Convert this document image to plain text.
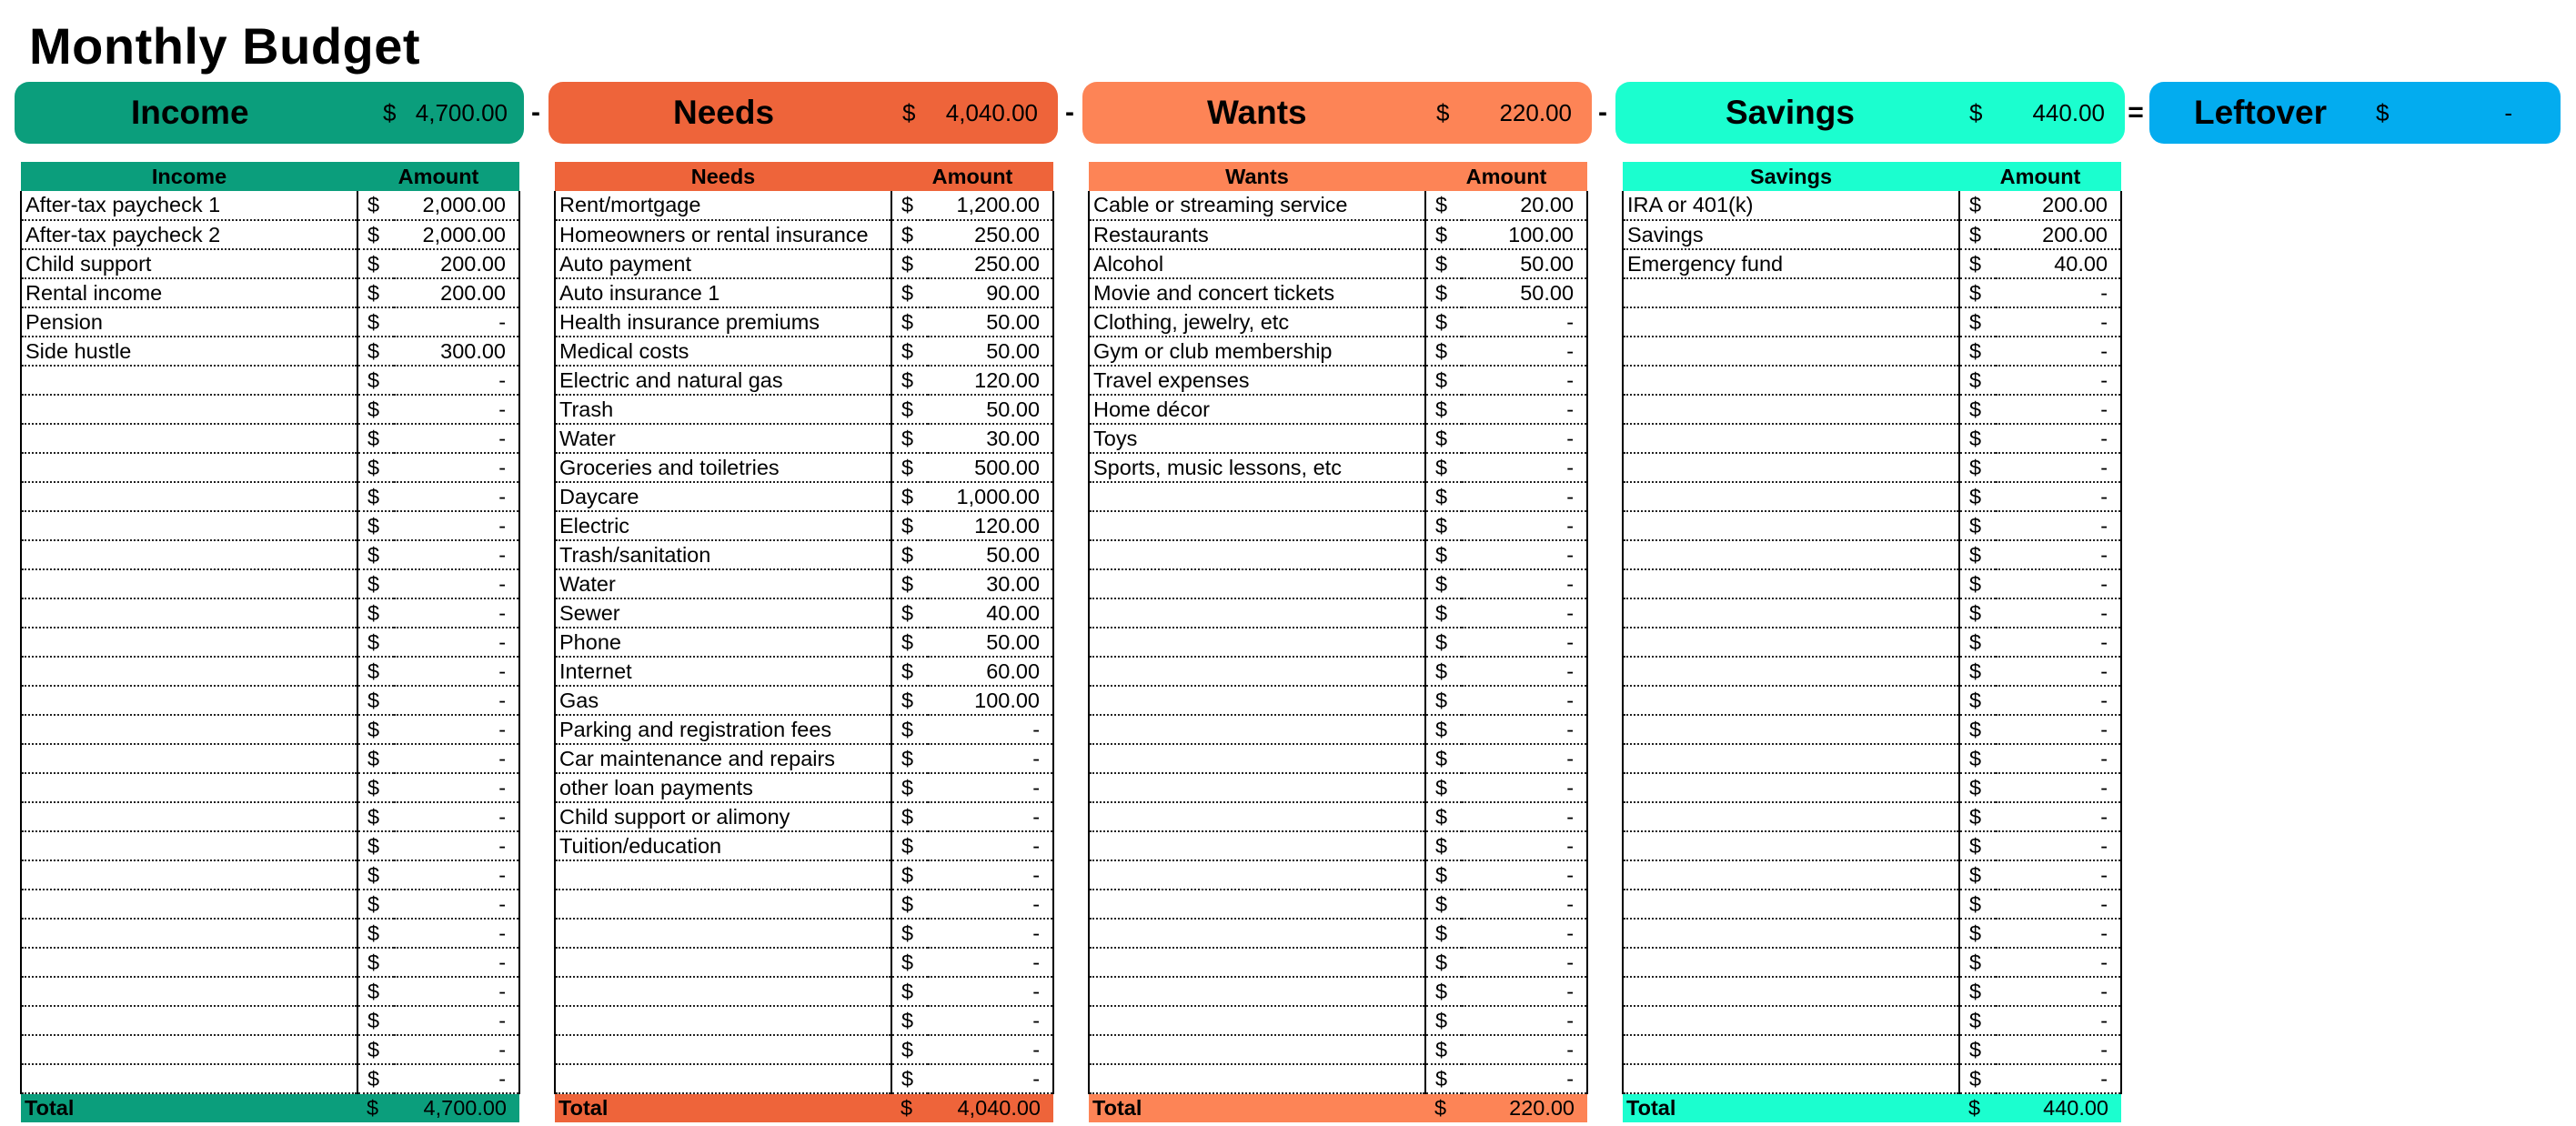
Monthly Budget
Income	$ 4,700.00 -	Needs	$	4,040.00 -	Wants	$	220.00 -	Savings	$	440.00 = Leftover $	-
Income	Amount	
After-tax paycheck 1	$	2,000.00
After-tax paycheck 2	$	2,000.00
Child support	$	200.00
Rental income	$	200.00
Pension	$	-
Side hustle	$	300.00
	$	-
	$	-
	$	-
	$	-
	$	-
	$	-
	$	-
	$	-
	$	-
	$	-
	$	-
	$	-
	$	-
	$	-
	$	-
	$	-
	$	-
	$	-
	$	-
	$	-
	$	-
	$	-
	$	-
	$	-
	$	-
Total	$	4,700.00
Needs	Amount	
Rent/mortgage	$	1,200.00
Homeowners or rental insurance	$	250.00
Auto payment	$	250.00
Auto insurance 1	$	90.00
Health insurance premiums	$	50.00
Medical costs	$	50.00
Electric and natural gas	$	120.00
Trash	$	50.00
Water	$	30.00
Groceries and toiletries	$	500.00
Daycare	$	1,000.00
Electric	$	120.00
Trash/sanitation	$	50.00
Water	$	30.00
Sewer	$	40.00
Phone	$	50.00
Internet	$	60.00
Gas	$	100.00
Parking and registration fees	$	-
Car maintenance and repairs	$	-
other loan payments	$	-
Child support or alimony	$	-
Tuition/education	$	-
	$	-
	$	-
	$	-
	$	-
	$	-
	$	-
	$	-
	$	-
Total	$	4,040.00
Wants	Amount	
Cable or streaming service	$	20.00
Restaurants	$	100.00
Alcohol	$	50.00
Movie and concert tickets	$	50.00
Clothing, jewelry, etc	$	-
Gym or club membership	$	-
Travel expenses	$	-
Home décor	$	-
Toys	$	-
Sports, music lessons, etc	$	-
	$	-
	$	-
	$	-
	$	-
	$	-
	$	-
	$	-
	$	-
	$	-
	$	-
	$	-
	$	-
	$	-
	$	-
	$	-
	$	-
	$	-
	$	-
	$	-
	$	-
	$	-
Total	$	220.00
Savings	Amount	
IRA or 401(k)	$	200.00
Savings	$	200.00
Emergency fund	$	40.00
	$	-
	$	-
	$	-
	$	-
	$	-
	$	-
	$	-
	$	-
	$	-
	$	-
	$	-
	$	-
	$	-
	$	-
	$	-
	$	-
	$	-
	$	-
	$	-
	$	-
	$	-
	$	-
	$	-
	$	-
	$	-
	$	-
	$	-
	$	-
Total	$	440.00
